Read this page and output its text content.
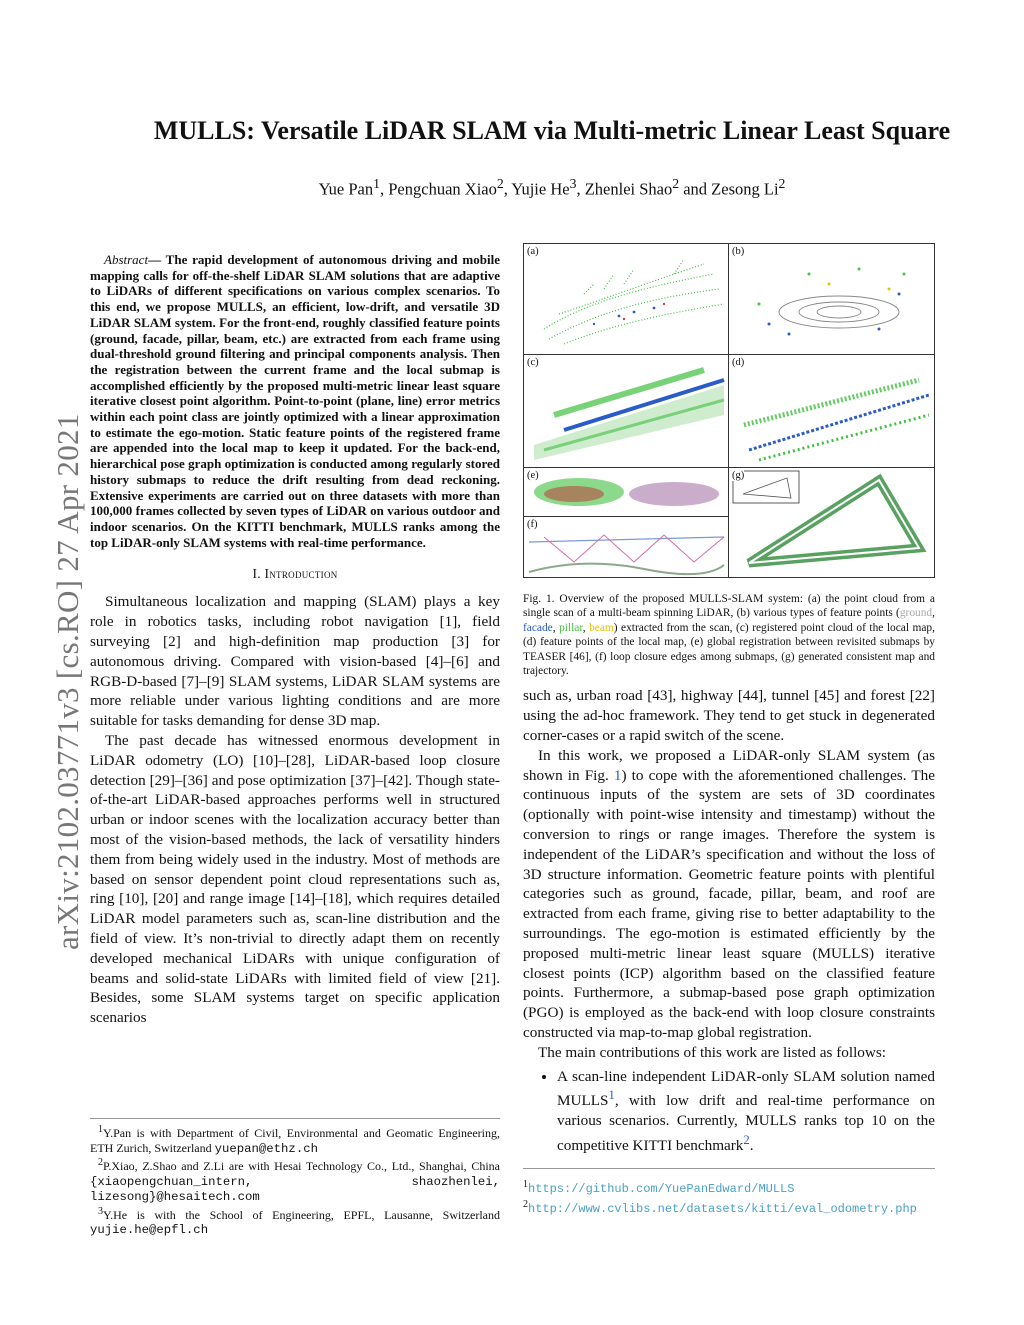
arXiv:2102.03771v3 [cs.RO] 27 Apr 2021
MULLS: Versatile LiDAR SLAM via Multi-metric Linear Least Square
Yue Pan$^1$, Pengchuan Xiao$^2$, Yujie He$^3$, Zhenlei Shao$^2$ and Zesong Li$^2$

Abstract— The rapid development of autonomous driving and mobile mapping calls for off-the-shelf LiDAR SLAM solutions that are adaptive to LiDARs of different specifications on various complex scenarios. To this end, we propose MULLS, an efficient, low-drift, and versatile 3D LiDAR SLAM system. For the front-end, roughly classified feature points (ground, facade, pillar, beam, etc.) are extracted from each frame using dual-threshold ground filtering and principal components analysis. Then the registration between the current frame and the local submap is accomplished efficiently by the proposed multi-metric linear least square iterative closest point algorithm. Point-to-point (plane, line) error metrics within each point class are jointly optimized with a linear approximation to estimate the ego-motion. Static feature points of the registered frame are appended into the local map to keep it updated. For the back-end, hierarchical pose graph optimization is conducted among regularly stored history submaps to reduce the drift resulting from dead reckoning. Extensive experiments are carried out on three datasets with more than 100,000 frames collected by seven types of LiDAR on various outdoor and indoor scenarios. On the KITTI benchmark, MULLS ranks among the top LiDAR-only SLAM systems with real-time performance.

I. Introduction

Simultaneous localization and mapping (SLAM) plays a key role in robotics tasks, including robot navigation [1], field surveying [2] and high-definition map production [3] for autonomous driving. Compared with vision-based [4]–[6] and RGB-D-based [7]–[9] SLAM systems, LiDAR SLAM systems are more reliable under various lighting conditions and are more suitable for tasks demanding for dense 3D map.

The past decade has witnessed enormous development in LiDAR odometry (LO) [10]–[28], LiDAR-based loop closure detection [29]–[36] and pose optimization [37]–[42]. Though state-of-the-art LiDAR-based approaches performs well in structured urban or indoor scenes with the localization accuracy better than most of the vision-based methods, the lack of versatility hinders them from being widely used in the industry. Most of methods are based on sensor dependent point cloud representations such as, ring [10], [20] and range image [14]–[18], which requires detailed LiDAR model parameters such as, scan-line distribution and the field of view. It’s non-trivial to directly adapt them on recently developed mechanical LiDARs with unique configuration of beams and solid-state LiDARs with limited field of view [21]. Besides, some SLAM systems target on specific application scenarios

$^1$Y.Pan is with Department of Civil, Environmental and Geomatic Engineering, ETH Zurich, Switzerland yuepan@ethz.ch

$^2$P.Xiao, Z.Shao and Z.Li are with Hesai Technology Co., Ltd., Shanghai, China {xiaopengchuan_intern, shaozhenlei, lizesong}@hesaitech.com

$^3$Y.He is with the School of Engineering, EPFL, Lausanne, Switzerland yujie.he@epfl.ch

(a)	(b)
(c)	(d)
(e)	(g)
(f)

Fig. 1. Overview of the proposed MULLS-SLAM system: (a) the point cloud from a single scan of a multi-beam spinning LiDAR, (b) various types of feature points (ground, facade, pillar, beam) extracted from the scan, (c) registered point cloud of the local map, (d) feature points of the local map, (e) global registration between revisited submaps by TEASER [46], (f) loop closure edges among submaps, (g) generated consistent map and trajectory.

such as, urban road [43], highway [44], tunnel [45] and forest [22] using the ad-hoc framework. They tend to get stuck in degenerated corner-cases or a rapid switch of the scene.

In this work, we proposed a LiDAR-only SLAM system (as shown in Fig. 1) to cope with the aforementioned challenges. The continuous inputs of the system are sets of 3D coordinates (optionally with point-wise intensity and timestamp) without the conversion to rings or range images. Therefore the system is independent of the LiDAR’s specification and without the loss of 3D structure information. Geometric feature points with plentiful categories such as ground, facade, pillar, beam, and roof are extracted from each frame, giving rise to better adaptability to the surroundings. The ego-motion is estimated efficiently by the proposed multi-metric linear least square (MULLS) iterative closest points (ICP) algorithm based on the classified feature points. Furthermore, a submap-based pose graph optimization (PGO) is employed as the back-end with loop closure constraints constructed via map-to-map global registration.

The main contributions of this work are listed as follows:

• A scan-line independent LiDAR-only SLAM solution named MULLS$^1$, with low drift and real-time performance on various scenarios. Currently, MULLS ranks top 10 on the competitive KITTI benchmark$^2$.

$^1$https://github.com/YuePanEdward/MULLS

$^2$http://www.cvlibs.net/datasets/kitti/eval_odometry.php
